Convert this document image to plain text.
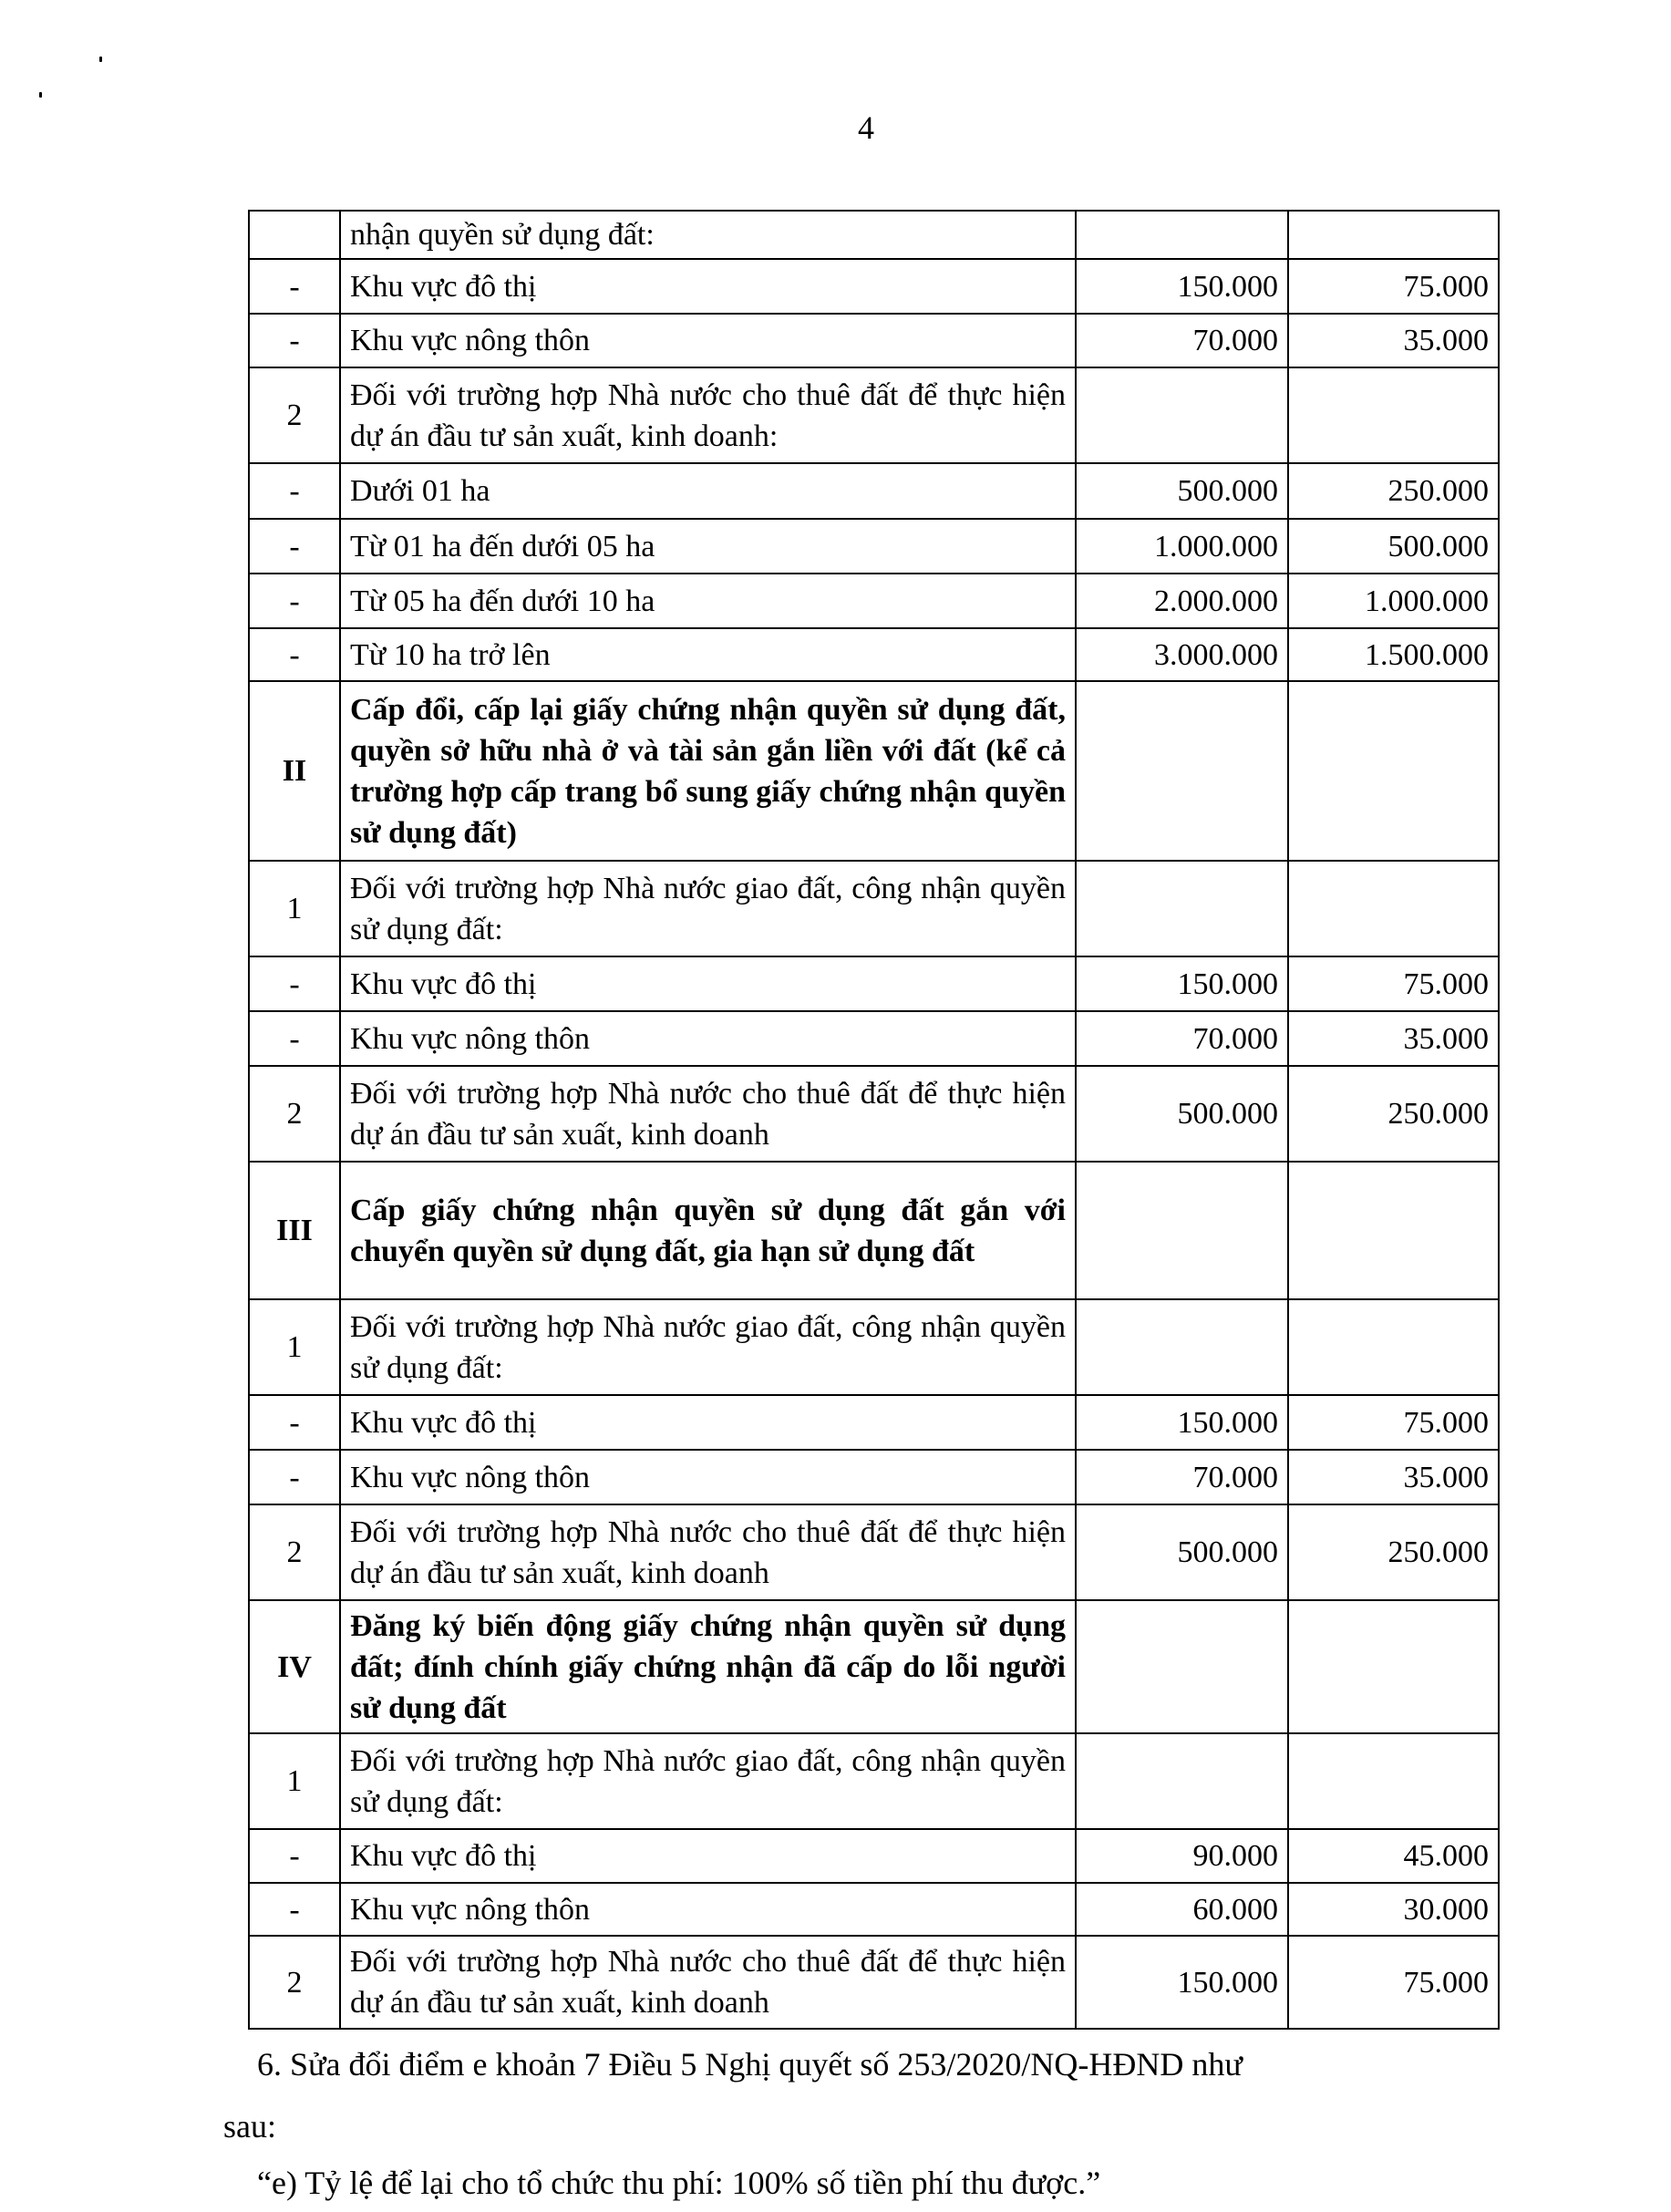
4
	nhận quyền sử dụng đất:		
-	Khu vực đô thị	150.000	75.000
-	Khu vực nông thôn	70.000	35.000
2	Đối với trường hợp Nhà nước cho thuê đất để thực hiện dự án đầu tư sản xuất, kinh doanh:		
-	Dưới 01 ha	500.000	250.000
-	Từ 01 ha đến dưới 05 ha	1.000.000	500.000
-	Từ 05 ha đến dưới 10 ha	2.000.000	1.000.000
-	Từ 10 ha trở lên	3.000.000	1.500.000
II	Cấp đổi, cấp lại giấy chứng nhận quyền sử dụng đất, quyền sở hữu nhà ở và tài sản gắn liền với đất (kể cả trường hợp cấp trang bổ sung giấy chứng nhận quyền sử dụng đất)		
1	Đối với trường hợp Nhà nước giao đất, công nhận quyền sử dụng đất:		
-	Khu vực đô thị	150.000	75.000
-	Khu vực nông thôn	70.000	35.000
2	Đối với trường hợp Nhà nước cho thuê đất để thực hiện dự án đầu tư sản xuất, kinh doanh	500.000	250.000
III	Cấp giấy chứng nhận quyền sử dụng đất gắn với chuyển quyền sử dụng đất, gia hạn sử dụng đất		
1	Đối với trường hợp Nhà nước giao đất, công nhận quyền sử dụng đất:		
-	Khu vực đô thị	150.000	75.000
-	Khu vực nông thôn	70.000	35.000
2	Đối với trường hợp Nhà nước cho thuê đất để thực hiện dự án đầu tư sản xuất, kinh doanh	500.000	250.000
IV	Đăng ký biến động giấy chứng nhận quyền sử dụng đất; đính chính giấy chứng nhận đã cấp do lỗi người sử dụng đất		
1	Đối với trường hợp Nhà nước giao đất, công nhận quyền sử dụng đất:		
-	Khu vực đô thị	90.000	45.000
-	Khu vực nông thôn	60.000	30.000
2	Đối với trường hợp Nhà nước cho thuê đất để thực hiện dự án đầu tư sản xuất, kinh doanh	150.000	75.000

6. Sửa đổi điểm e khoản 7 Điều 5 Nghị quyết số 253/2020/NQ-HĐND như

sau:

“e) Tỷ lệ để lại cho tổ chức thu phí: 100% số tiền phí thu được.”
